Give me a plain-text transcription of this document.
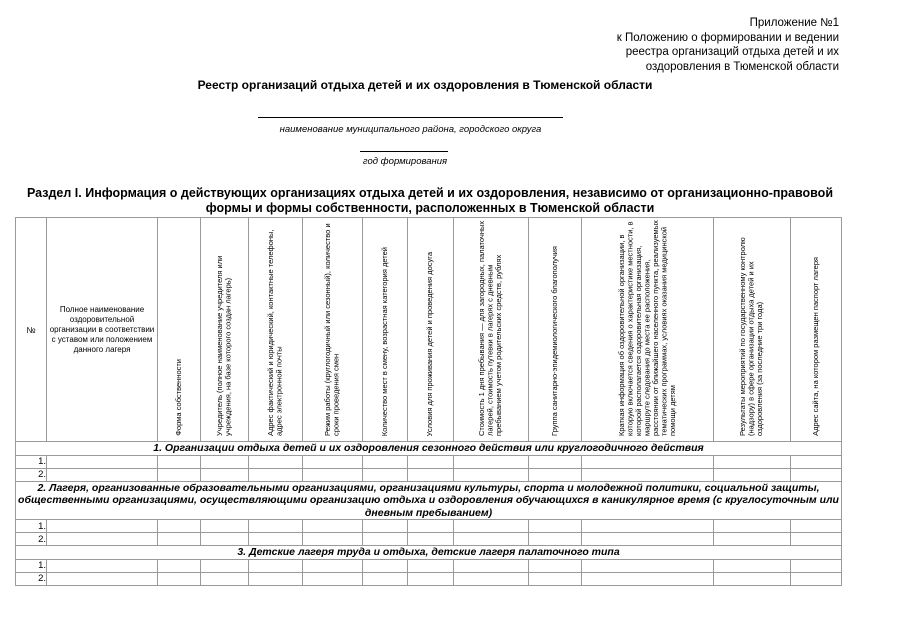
Приложение №1
к Положению о формировании и ведении
реестра организаций отдыха детей и их
оздоровления в Тюменской области
Реестр организаций отдыха детей и их оздоровления в Тюменской области
наименование муниципального района, городского округа
год формирования
Раздел I. Информация о действующих организациях отдыха детей и их оздоровления, независимо от организационно-правовой формы и формы собственности, расположенных в Тюменской области
№	Полное наименование оздоровительной организации в соответствии с уставом или положением данного лагеря	Форма собственности	Учредитель (полное наименование учредителя или учреждения, на базе которого создан лагерь)	Адрес фактический и юридический, контактные телефоны, адрес электронной почты	Режим работы (круглогодичный или сезонный), количество и сроки проведения смен	Количество мест в смену, возрастная категория детей	Условия для проживания детей и проведения досуга	Стоимость 1 дня пребывания — для загородных, палаточных лагерей, стоимость путевки в лагерях с дневным пребыванием учетом родительских средств, рублях	Группа санитарно-эпидемиологического благополучия	Краткая информация об оздоровительной организации, в которую включается сведения о характеристике местности, в которой располагается оздоровительная организация, маршруте следования до места ее расположения, расстоянии от ближайшего населенного пункта, реализуемых тематических программах, условиях оказания медицинской помощи детям	Результаты мероприятий по государственному контролю (надзору) в сфере организации отдыха детей и их оздоровления (за последние три года)	Адрес сайта, на котором размещен паспорт лагеря
1. Организации отдыха детей и их оздоровления сезонного действия или круглогодичного действия												
1.												
2.												
2. Лагеря, организованные образовательными организациями, организациями культуры, спорта и молодежной политики, социальной защиты, общественными организациями, осуществляющими организацию отдыха и оздоровления обучающихся в каникулярное время (с круглосуточным или дневным пребыванием)												
1.												
2.												
3. Детские лагеря труда и отдыха, детские лагеря палаточного типа												
1.												
2.												
